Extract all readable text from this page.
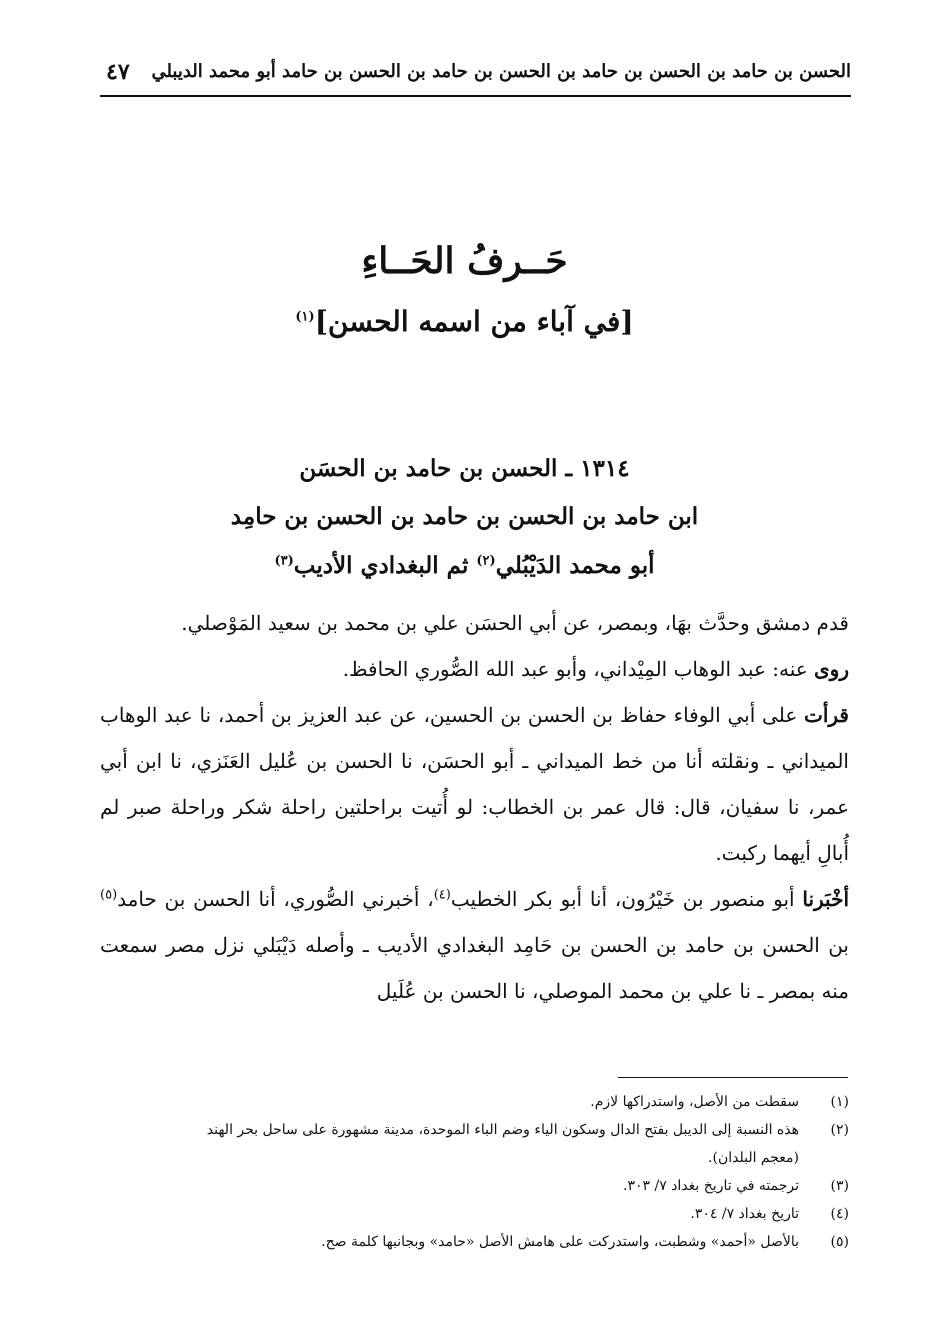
الحسن بن حامد بن الحسن بن حامد بن الحسن بن حامد بن الحسن بن حامد أبو محمد الديبلي
٤٧
حَــرفُ الحَــاءِ
[في آباء من اسمه الحسن]$^{(١)}$
١٣١٤ ـ الحسن بن حامد بن الحسَن
ابن حامد بن الحسن بن حامد بن الحسن بن حامِد
أبو محمد الدَيْبُلي$^{(٢)}$ ثم البغدادي الأديب$^{(٣)}$

قدم دمشق وحدَّث بهَا، وبمصر، عن أبي الحسَن علي بن محمد بن سعيد المَوْصلي.

روى عنه: عبد الوهاب المِيْداني، وأبو عبد الله الصُّوري الحافظ.

قرأت على أبي الوفاء حفاظ بن الحسن بن الحسين، عن عبد العزيز بن أحمد، نا عبد الوهاب الميداني ـ ونقلته أنا من خط الميداني ـ أبو الحسَن، نا الحسن بن عُليل العَنَزي، نا ابن أبي عمر، نا سفيان، قال: قال عمر بن الخطاب: لو أُتيت براحلتين راحلة شكر وراحلة صبر لم أُبالِ أيهما ركبت.

أخْبَرنا أبو منصور بن خَيْرُون، أنا أبو بكر الخطيب$^{(٤)}$، أخبرني الصُّوري، أنا الحسن بن حامد$^{(٥)}$ بن الحسن بن حامد بن الحسن بن حَامِد البغدادي الأديب ـ وأصله دَيْبَلي نزل مصر سمعت منه بمصر ـ نا علي بن محمد الموصلي، نا الحسن بن عُلَيل

(١)
سقطت من الأصل، واستدراكها لازم.
(٢)
هذه النسبة إلى الديبل بفتح الدال وسكون الياء وضم الباء الموحدة، مدينة مشهورة على ساحل بحر الهند (معجم البلدان).
(٣)
ترجمته في تاريخ بغداد ٧/ ٣٠٣.
(٤)
تاريخ بغداد ٧/ ٣٠٤.
(٥)
بالأصل «أحمد» وشطبت، واستدركت على هامش الأصل «حامد» وبجانبها كلمة صح.
